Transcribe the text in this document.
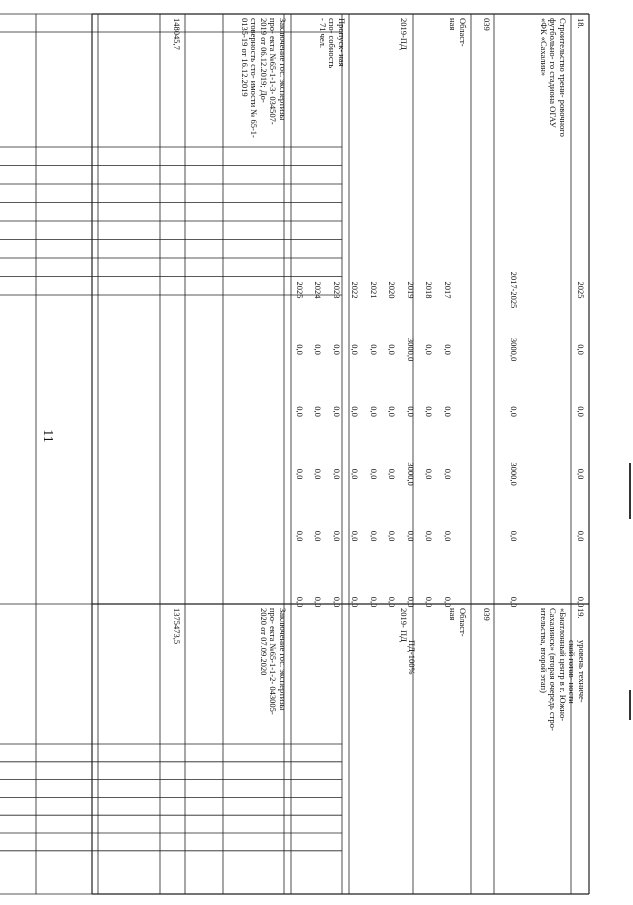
11
18.
Строительство трени- ровочного футбольно- го стадиона ОГАУ «ФК «Сахалин»
039
Област- ная
2019-ПД
Пропуск- ная спо- собность - 71 чел.
Заключение гос. экспертизы про- екта №65-1-1-3- 034507-2019 от 06.12.2019; До- стоверность сто- имости № 65-1- 0135-19 от 16.12.2019
148045,7
19.
«Биатлонный центр в г. Южно-Сахалинск» (вторая очередь стро- ительства, второй этап)
039
Област- ная
2019- ПД
Заключение гос. экспертизы про- екта №65-1-1-2- 043005-2020 от 07.09.2020
1375473,5
2025
0,0
0,0
0,0
0,0
0,0
уровень техниче- ской готов- ности
2017-2025
3000,0
0,0
3000,0
0,0
0,0
2017
0,0
0,0
0,0
0,0
0,0
2018
0,0
0,0
0,0
0,0
0,0
2019
3000,0
0,0
3000,0
0,0
0,0
ПД-100%
2020
0,0
0,0
0,0
0,0
0,0
2021
0,0
0,0
0,0
0,0
0,0
2022
0,0
0,0
0,0
0,0
0,0
2023
0,0
0,0
0,0
0,0
0,0
2024
0,0
0,0
0,0
0,0
0,0
2025
0,0
0,0
0,0
0,0
0,0
